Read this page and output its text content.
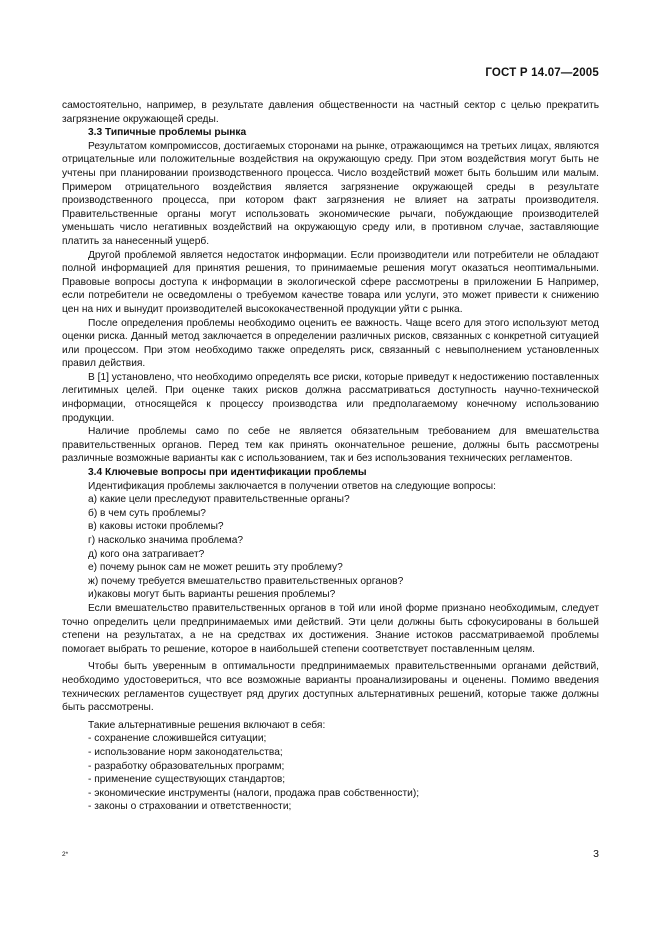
ГОСТ Р 14.07—2005

самостоятельно, например, в результате давления общественности на частный сектор с целью прекратить загрязнение окружающей среды.

3.3 Типичные проблемы рынка

Результатом компромиссов, достигаемых сторонами на рынке, отражающимся на третьих лицах, являются отрицательные или положительные воздействия на окружающую среду. При этом воздействия могут быть не учтены при планировании производственного процесса. Число воздействий может быть большим или малым. Примером отрицательного воздействия является загрязнение окружающей среды в результате производственного процесса, при котором факт загрязнения не влияет на затраты производителя. Правительственные органы могут использовать экономические рычаги, побуждающие производителей уменьшать число негативных воздействий на окружающую среду или, в противном случае, заставляющие платить за нанесенный ущерб.

Другой проблемой является недостаток информации. Если производители или потребители не обладают полной информацией для принятия решения, то принимаемые решения могут оказаться неоптимальными. Правовые вопросы доступа к информации в экологической сфере рассмотрены в приложении Б Например, если потребители не осведомлены о требуемом качестве товара или услуги, это может привести к снижению цен на них и вынудит производителей высококачественной продукции уйти с рынка.

После определения проблемы необходимо оценить ее важность. Чаще всего для этого используют метод оценки риска. Данный метод заключается в определении различных рисков, связанных с конкретной ситуацией или процессом. При этом необходимо также определять риск, связанный с невыполнением установленных правил действия.

В [1] установлено, что необходимо определять все риски, которые приведут к недостижению поставленных легитимных целей. При оценке таких рисков должна рассматриваться доступность научно-технической информации, относящейся к процессу производства или предполагаемому конечному использованию продукции.

Наличие проблемы само по себе не является обязательным требованием для вмешательства правительственных органов. Перед тем как принять окончательное решение, должны быть рассмотрены различные возможные варианты как с использованием, так и без использования технических регламентов.

3.4 Ключевые вопросы при идентификации проблемы

Идентификация проблемы заключается в получении ответов на следующие вопросы:

а) какие цели преследуют правительственные органы?

б) в чем суть проблемы?

в) каковы истоки проблемы?

г) насколько значима проблема?

д) кого она затрагивает?

е) почему рынок сам не может решить эту проблему?

ж) почему требуется вмешательство правительственных органов?

и)каковы могут быть варианты решения проблемы?

Если вмешательство правительственных органов в той или иной форме признано необходимым, следует точно определить цели предпринимаемых ими действий. Эти цели должны быть сфокусированы в большей степени на результатах, а не на средствах их достижения. Знание истоков рассматриваемой проблемы помогает выбрать то решение, которое в наибольшей степени соответствует поставленным целям.

Чтобы быть уверенным в оптимальности предпринимаемых правительственными органами действий, необходимо удостовериться, что все возможные варианты проанализированы и оценены. Помимо введения технических регламентов существует ряд других доступных альтернативных решений, которые также должны быть рассмотрены.

Такие альтернативные решения включают в себя:

- сохранение сложившейся ситуации;

- использование норм законодательства;

- разработку образовательных программ;

- применение существующих стандартов;

- экономические инструменты (налоги, продажа прав собственности);

- законы о страховании и ответственности;

2*	3
